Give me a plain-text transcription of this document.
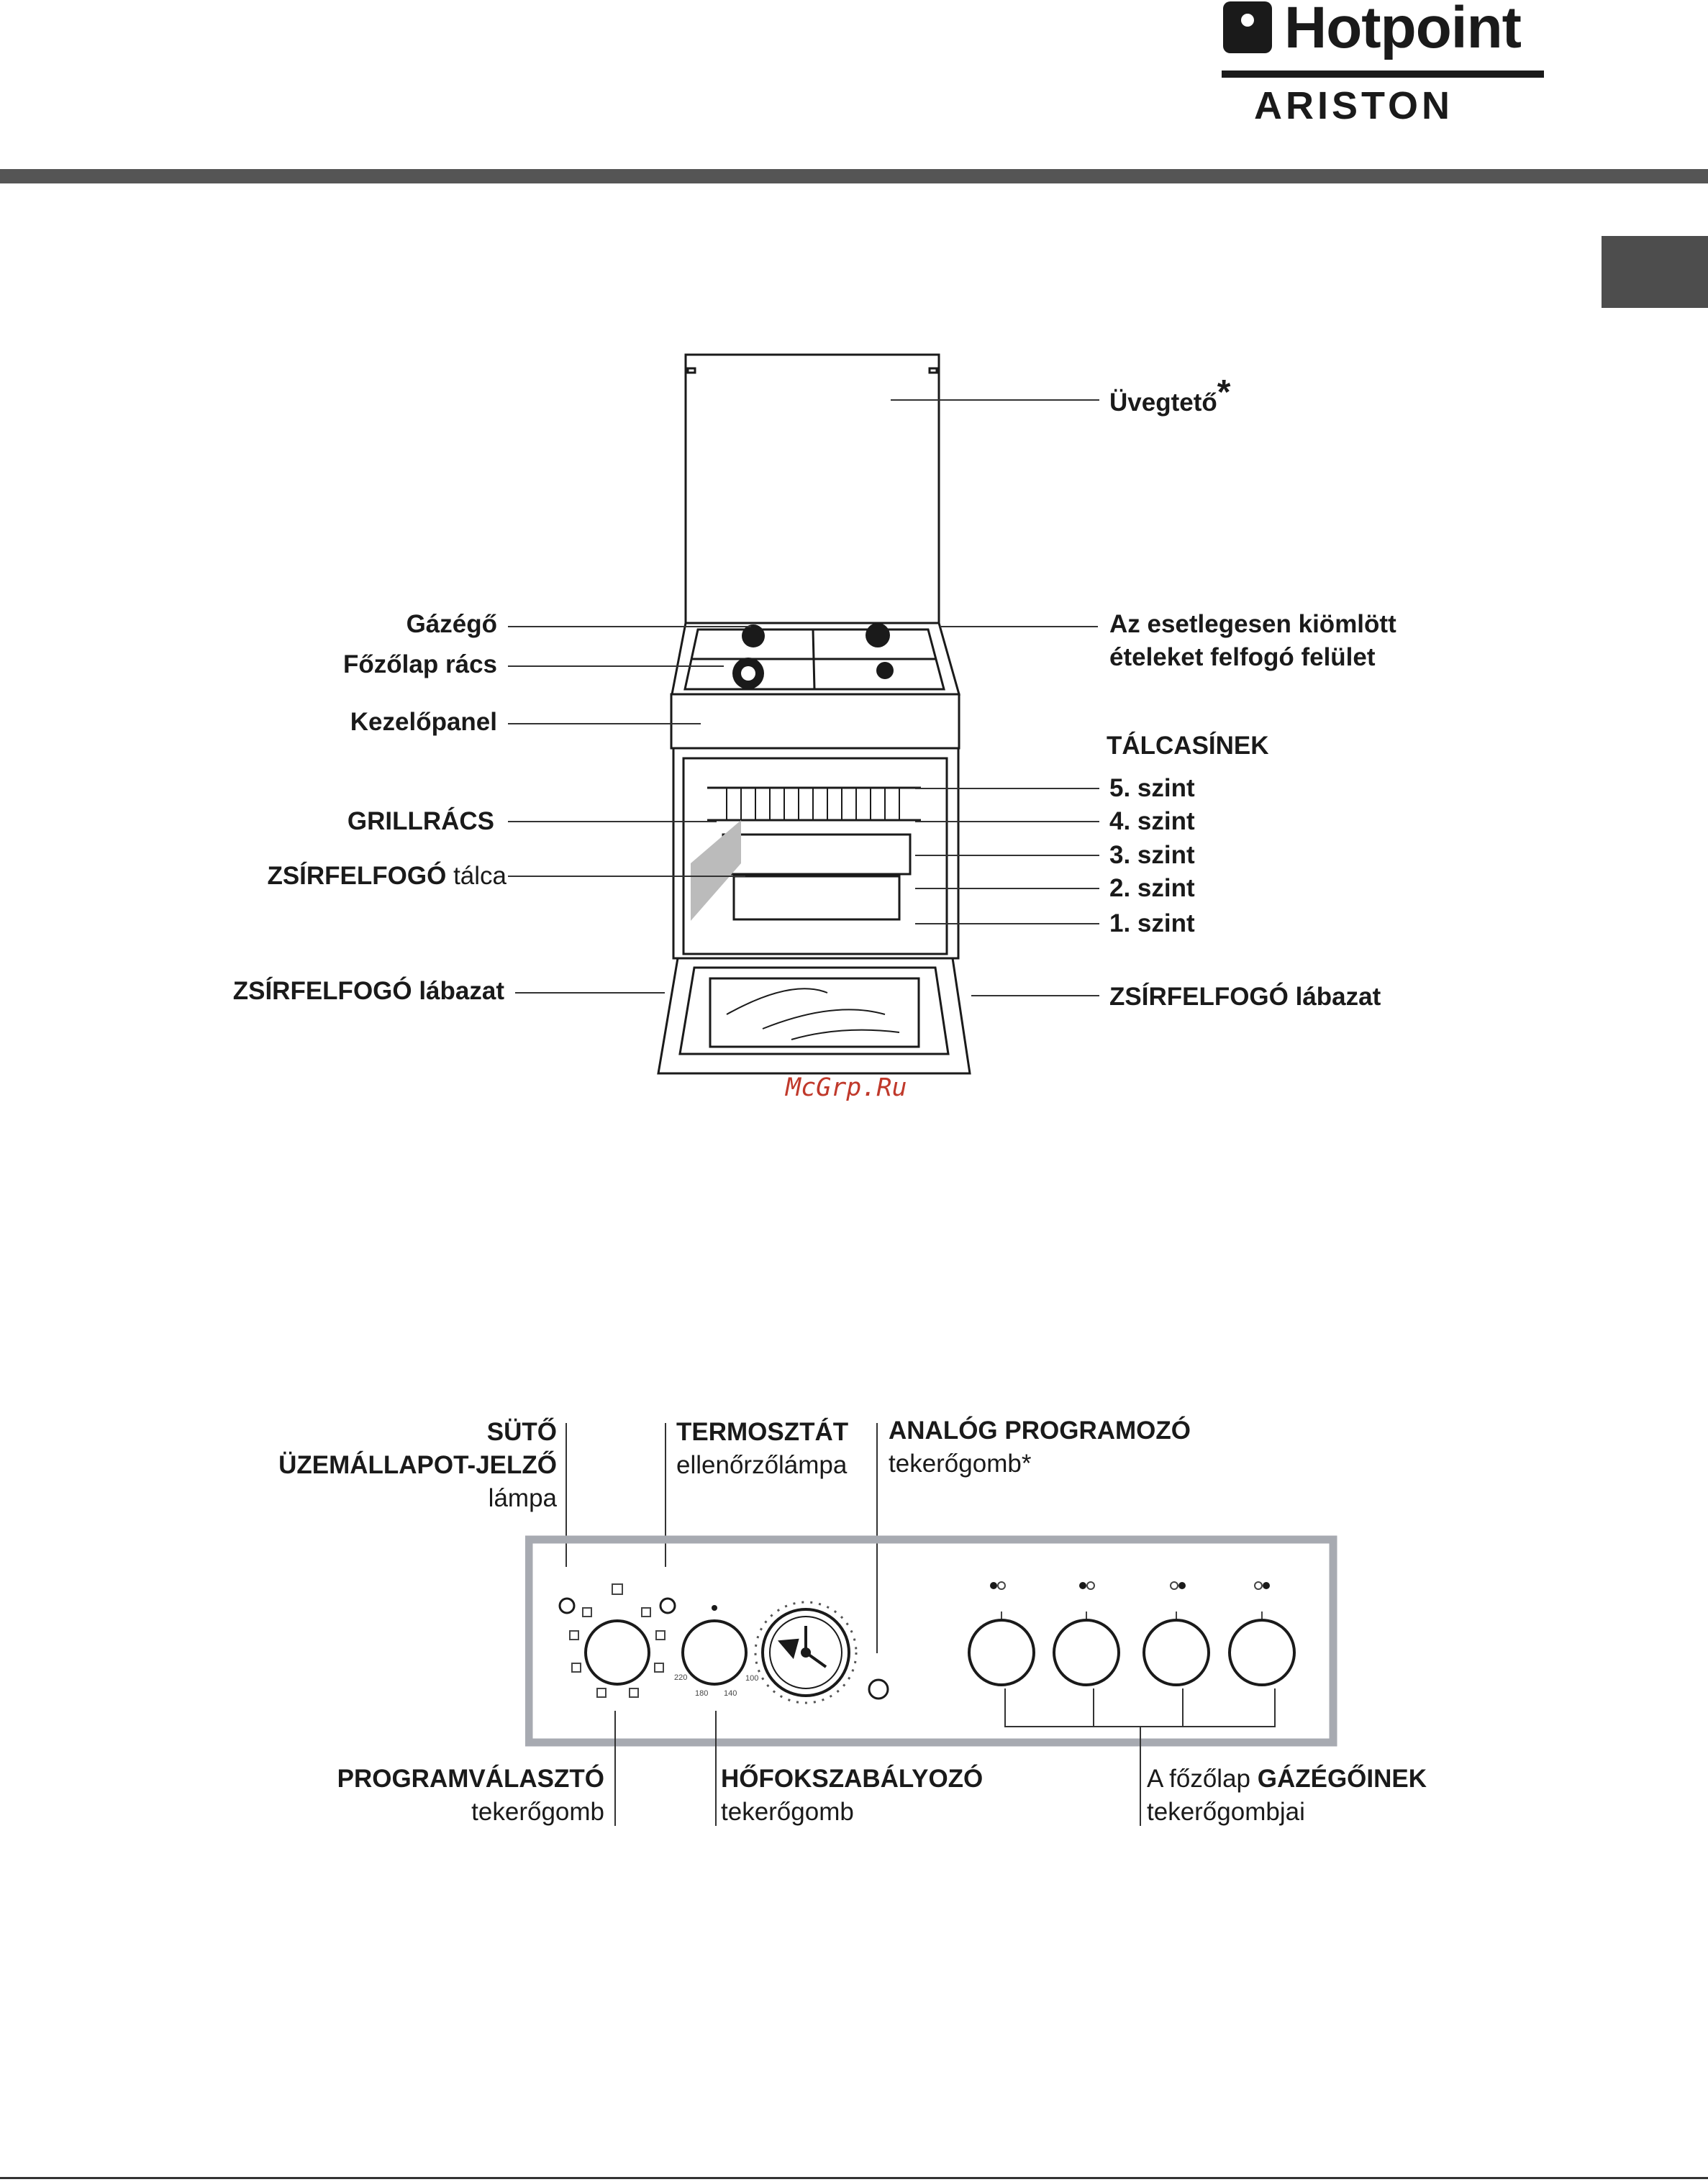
Hotpoint
ARISTON
Üvegtető*
Gázégő
Főzőlap rács
Kezelőpanel
Az esetlegesen kiömlött
ételeket felfogó felület
TÁLCASÍNEK
5. szint
4. szint
3. szint
2. szint
1. szint
GRILLRÁCS
ZSÍRFELFOGÓ tálca
ZSÍRFELFOGÓ lábazat	ZSÍRFELFOGÓ lábazat
McGrp.Ru
SÜTŐ
ÜZEMÁLLAPOT-JELZŐ
lámpa
TERMOSZTÁT
ellenőrzőlámpa
ANALÓG PROGRAMOZÓ
tekerőgomb*
220
180 140
100
PROGRAMVÁLASZTÓ
tekerőgomb
HŐFOKSZABÁLYOZÓ
tekerőgomb
A főzőlap GÁZÉGŐINEK
tekerőgombjai
